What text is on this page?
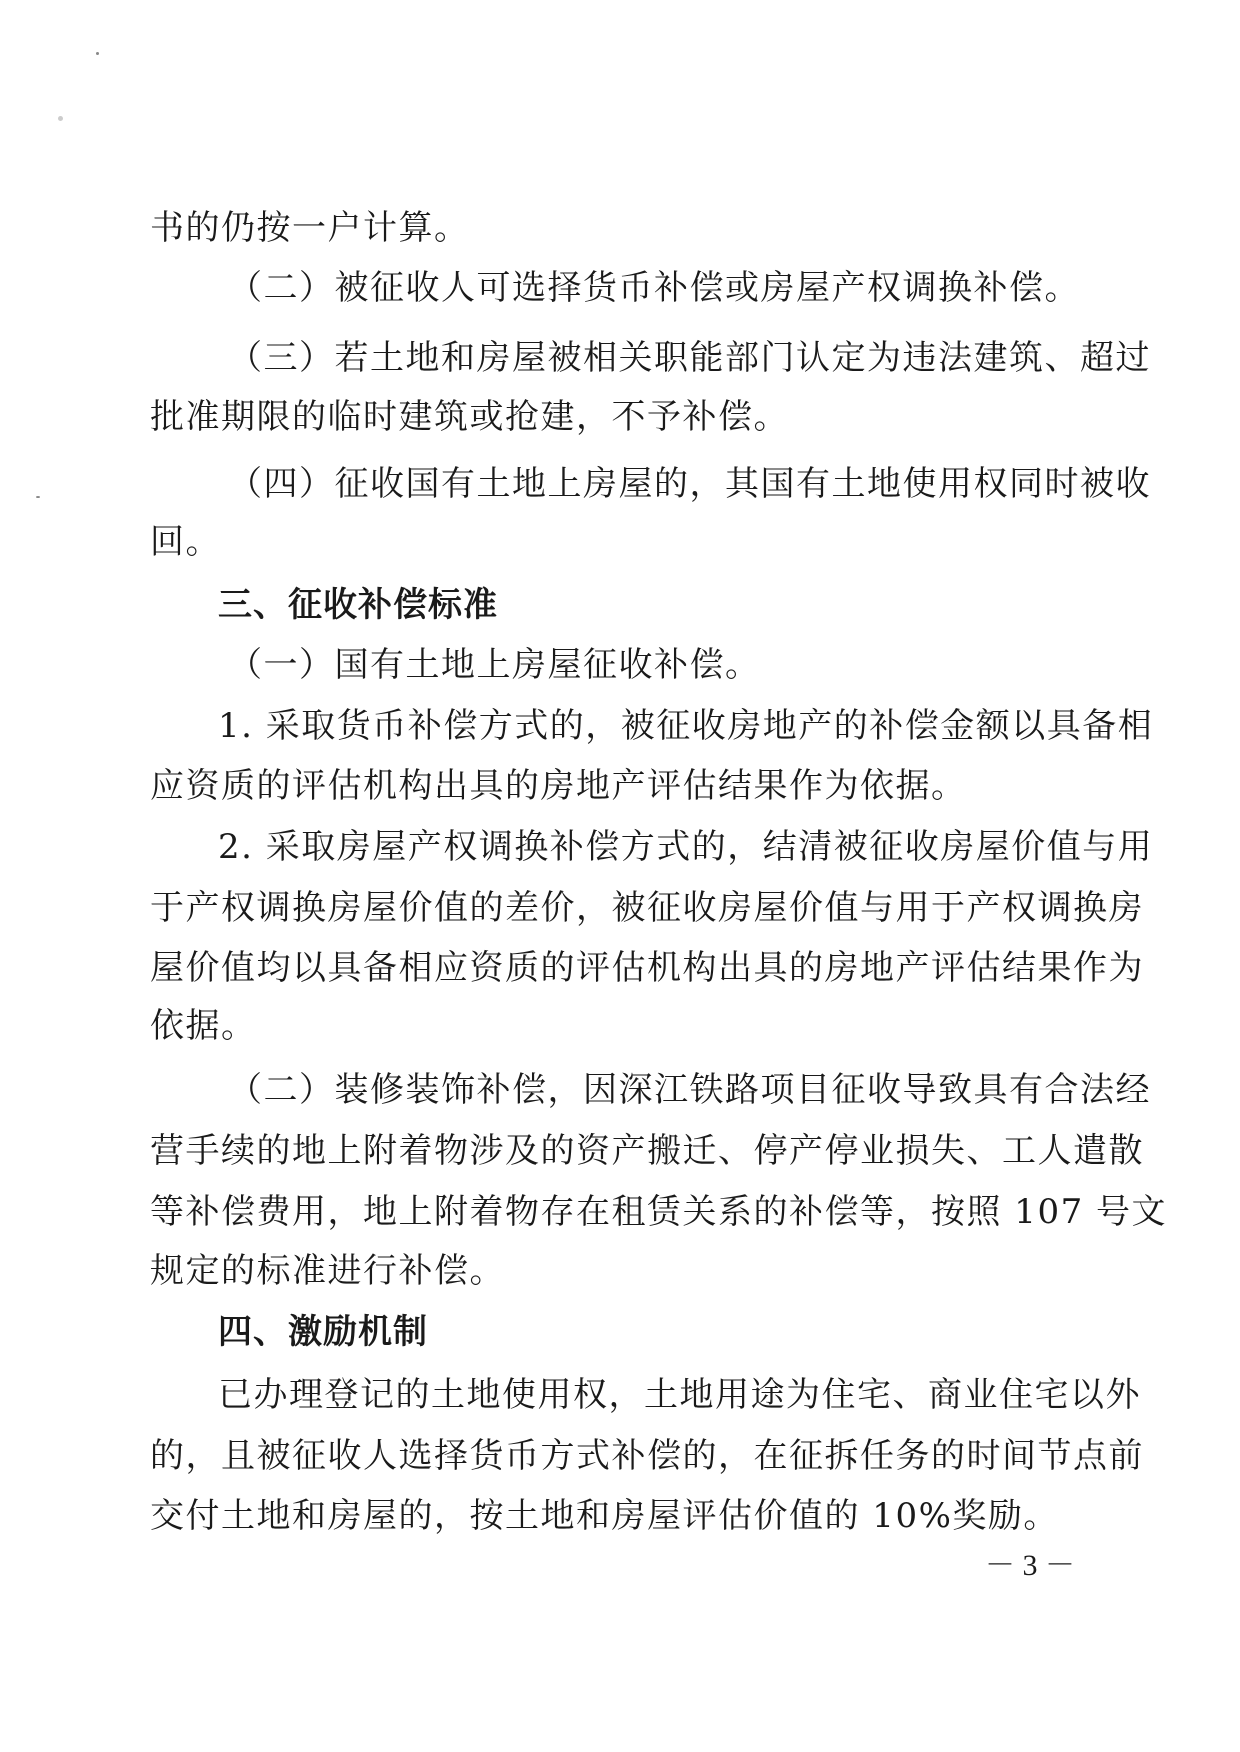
书的仍按一户计算。
（二）被征收人可选择货币补偿或房屋产权调换补偿。
（三）若土地和房屋被相关职能部门认定为违法建筑、超过
批准期限的临时建筑或抢建，不予补偿。
（四）征收国有土地上房屋的，其国有土地使用权同时被收
回。
三、征收补偿标准
（一）国有土地上房屋征收补偿。
1. 采取货币补偿方式的，被征收房地产的补偿金额以具备相
应资质的评估机构出具的房地产评估结果作为依据。
2. 采取房屋产权调换补偿方式的，结清被征收房屋价值与用
于产权调换房屋价值的差价，被征收房屋价值与用于产权调换房
屋价值均以具备相应资质的评估机构出具的房地产评估结果作为
依据。
（二）装修装饰补偿，因深江铁路项目征收导致具有合法经
营手续的地上附着物涉及的资产搬迁、停产停业损失、工人遣散
等补偿费用，地上附着物存在租赁关系的补偿等，按照 107 号文
规定的标准进行补偿。
四、激励机制
已办理登记的土地使用权，土地用途为住宅、商业住宅以外
的，且被征收人选择货币方式补偿的，在征拆任务的时间节点前
交付土地和房屋的，按土地和房屋评估价值的 10%奖励。
－ 3 －
